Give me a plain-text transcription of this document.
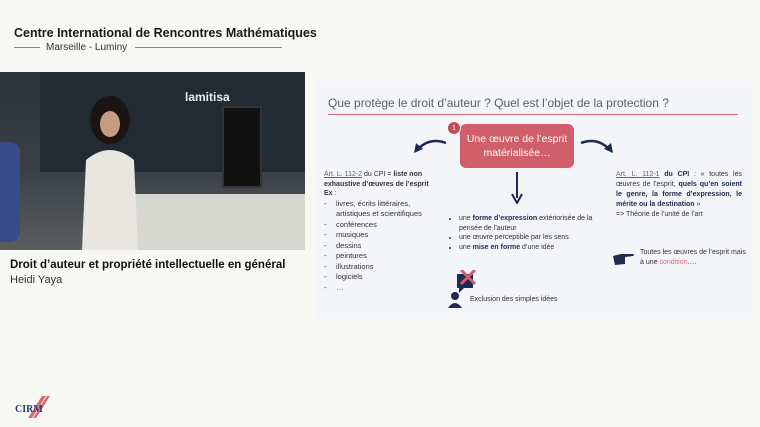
Centre International de Rencontres Mathématiques
Marseille - Luminy
lamitisa
Droit d’auteur et propriété intellectuelle en général
Heidi Yaya
CIRM
Que protège le droit d’auteur ? Quel est l’objet de la protection ?
Une œuvre de l’esprit matérialisée…
1
Art. L. 112-2 du CPI = liste non exhaustive d’œuvres de l’esprit
Ex :
- livres, écrits littéraires, artistiques et scientifiques
- conférences
- musiques
- dessins
- peintures
- illustrations
- logiciels
- …
• une forme d’expression extériorisée de la pensée de l’auteur
• une œuvre perceptible par les sens
• une mise en forme d’une idée
Exclusion des simples idées
Art. L. 112-1 du CPI : « toutes les œuvres de l’esprit, quels qu’en soient le genre, la forme d’expression, le mérite ou la destination »
=> Théorie de l’unité de l’art
Toutes les œuvres de l’esprit mais à une condition….
